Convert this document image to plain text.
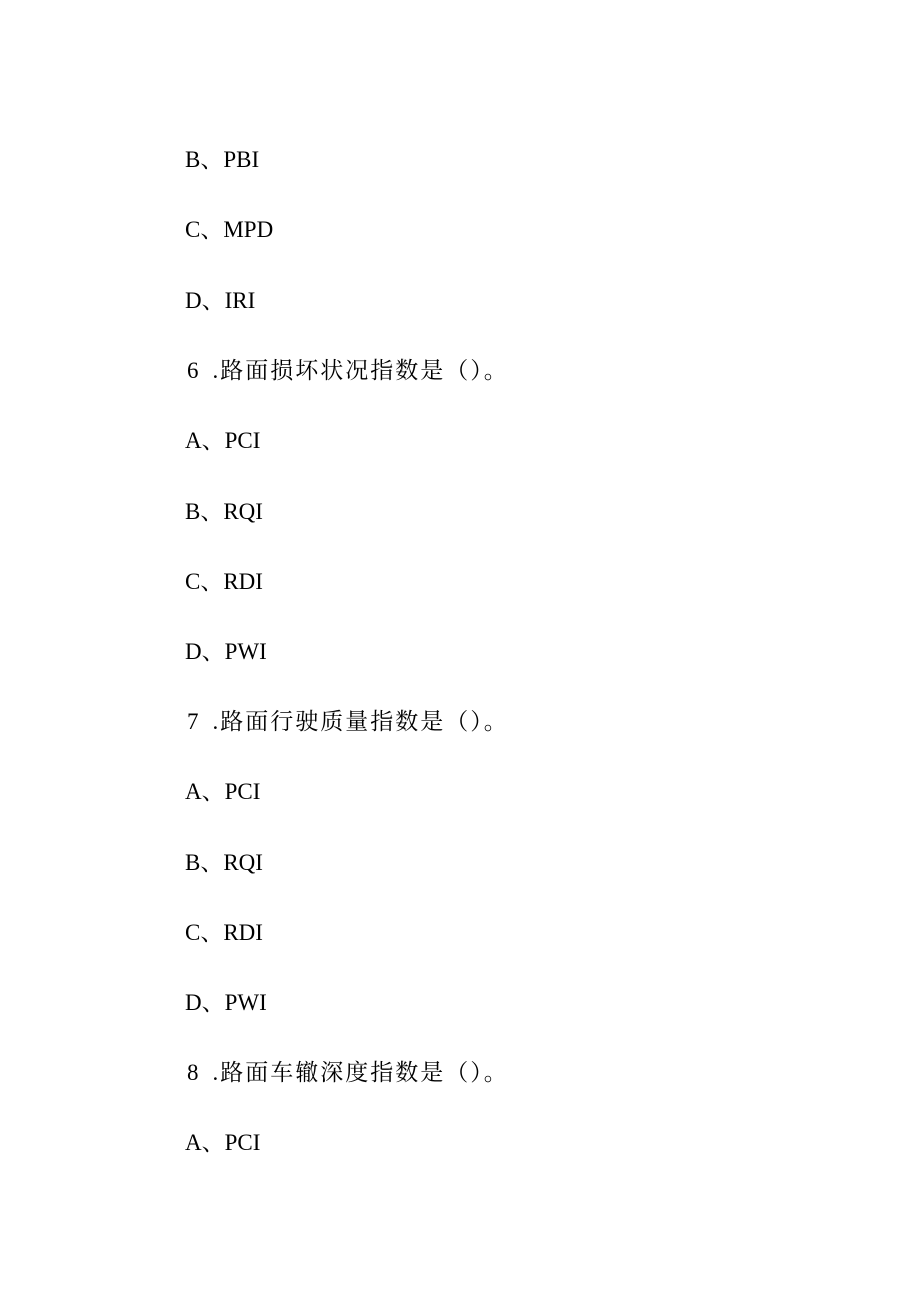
B、PBI
C、MPD
D、IRI
6 .路面损坏状况指数是（）。
A、PCI
B、RQI
C、RDI
D、PWI
7 .路面行驶质量指数是（）。
A、PCI
B、RQI
C、RDI
D、PWI
8 .路面车辙深度指数是（）。
A、PCI
